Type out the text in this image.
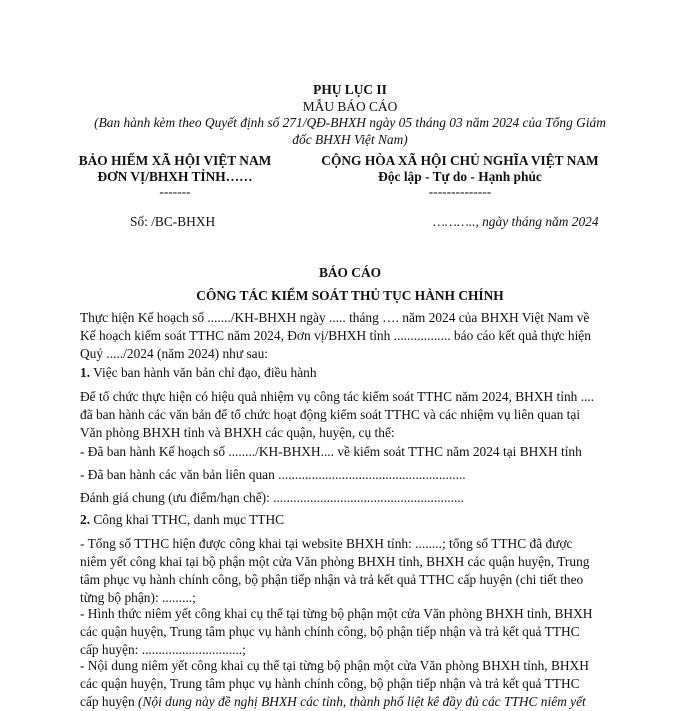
PHỤ LỤC II
MẪU BÁO CÁO
(Ban hành kèm theo Quyết định số 271/QĐ-BHXH ngày 05 tháng 03 năm 2024 của Tổng Giám
đốc BHXH Việt Nam)
BẢO HIỂM XÃ HỘI VIỆT NAM
ĐƠN VỊ/BHXH TỈNH……
-------
Số: /BC-BHXH
CỘNG HÒA XÃ HỘI CHỦ NGHĨA VIỆT NAM
Độc lập - Tự do - Hạnh phúc
--------------
……….., ngày tháng năm 2024
BÁO CÁO
CÔNG TÁC KIỂM SOÁT THỦ TỤC HÀNH CHÍNH
Thực hiện Kế hoạch số ......./KH-BHXH ngày ..... tháng …. năm 2024 của BHXH Việt Nam về
Kế hoạch kiểm soát TTHC năm 2024, Đơn vị/BHXH tỉnh ................. báo cáo kết quả thực hiện
Quý ...../2024 (năm 2024) như sau:
1. Việc ban hành văn bản chỉ đạo, điều hành
Để tổ chức thực hiện có hiệu quả nhiệm vụ công tác kiểm soát TTHC năm 2024, BHXH tỉnh ....
đã ban hành các văn bản để tổ chức hoạt động kiểm soát TTHC và các nhiệm vụ liên quan tại
Văn phòng BHXH tỉnh và BHXH các quận, huyện, cụ thể:
- Đã ban hành Kế hoạch số ......../KH-BHXH.... về kiểm soát TTHC năm 2024 tại BHXH tỉnh
- Đã ban hành các văn bản liên quan ........................................................
Đánh giá chung (ưu điểm/hạn chế): .........................................................
2. Công khai TTHC, danh mục TTHC
- Tổng số TTHC hiện được công khai tại website BHXH tỉnh: ........; tổng số TTHC đã được
niêm yết công khai tại bộ phận một cửa Văn phòng BHXH tỉnh, BHXH các quận huyện, Trung
tâm phục vụ hành chính công, bộ phận tiếp nhận và trả kết quả TTHC cấp huyện (chi tiết theo
từng bộ phận): .........;
- Hình thức niêm yết công khai cụ thể tại từng bộ phận một cửa Văn phòng BHXH tỉnh, BHXH
các quận huyện, Trung tâm phục vụ hành chính công, bộ phận tiếp nhận và trả kết quả TTHC
cấp huyện: ..............................;
- Nội dung niêm yết công khai cụ thể tại từng bộ phận một cửa Văn phòng BHXH tỉnh, BHXH
các quận huyện, Trung tâm phục vụ hành chính công, bộ phận tiếp nhận và trả kết quả TTHC
cấp huyện (Nội dung này đề nghị BHXH các tỉnh, thành phố liệt kê đầy đủ các TTHC niêm yết
